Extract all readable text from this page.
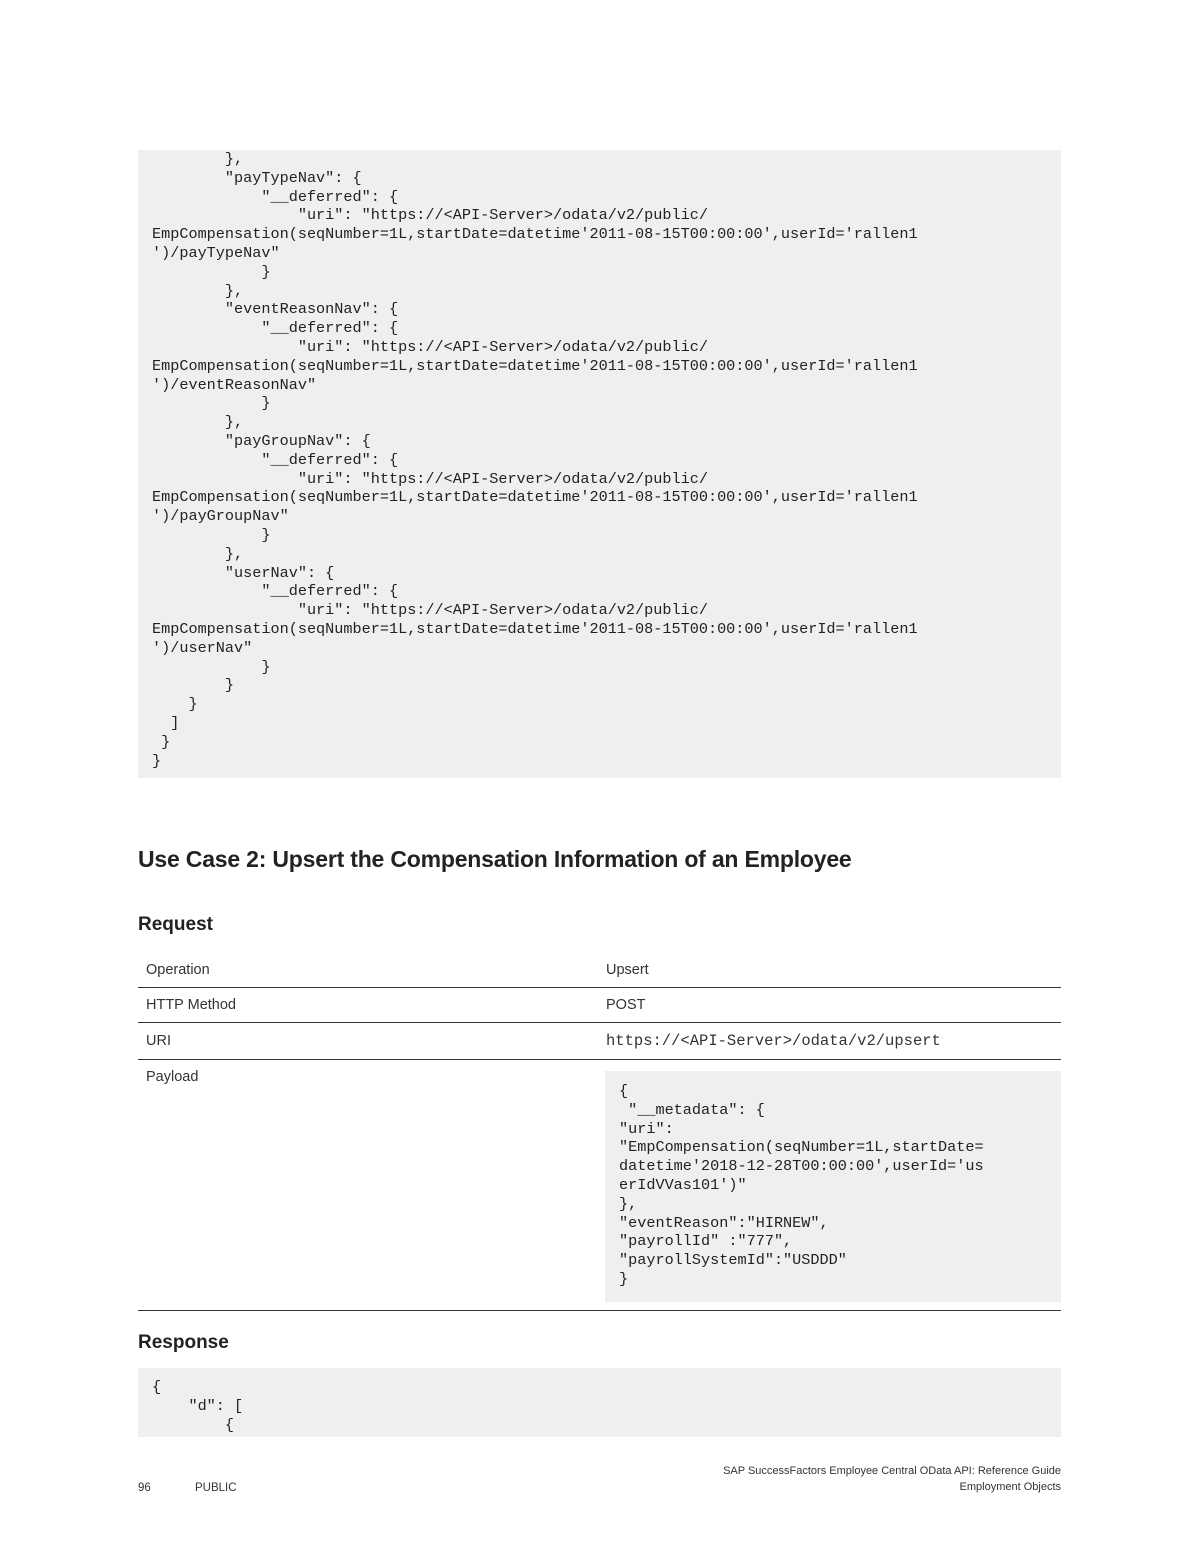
},
"payTypeNav": {
"__deferred": {
"uri": "https://<API-Server>/odata/v2/public/
EmpCompensation(seqNumber=1L,startDate=datetime'2011-08-15T00:00:00',userId='rallen1
')/payTypeNav"
}
},
"eventReasonNav": {
"__deferred": {
"uri": "https://<API-Server>/odata/v2/public/
EmpCompensation(seqNumber=1L,startDate=datetime'2011-08-15T00:00:00',userId='rallen1
')/eventReasonNav"
}
},
"payGroupNav": {
"__deferred": {
"uri": "https://<API-Server>/odata/v2/public/
EmpCompensation(seqNumber=1L,startDate=datetime'2011-08-15T00:00:00',userId='rallen1
')/payGroupNav"
}
},
"userNav": {
"__deferred": {
"uri": "https://<API-Server>/odata/v2/public/
EmpCompensation(seqNumber=1L,startDate=datetime'2011-08-15T00:00:00',userId='rallen1
')/userNav"
}
}
}
]
}
}
Use Case 2: Upsert the Compensation Information of an Employee
Request
Operation	Upsert
HTTP Method	POST
URI	https://<API-Server>/odata/v2/upsert
Payload
{
"__metadata": {
"uri":
"EmpCompensation(seqNumber=1L,startDate=
datetime'2018-12-28T00:00:00',userId='us
erIdVVas101')"
},
"eventReason":"HIRNEW",
"payrollId" :"777",
"payrollSystemId":"USDDD"
}
Response
{
"d": [
{
96	PUBLIC
SAP SuccessFactors Employee Central OData API: Reference Guide
Employment Objects
